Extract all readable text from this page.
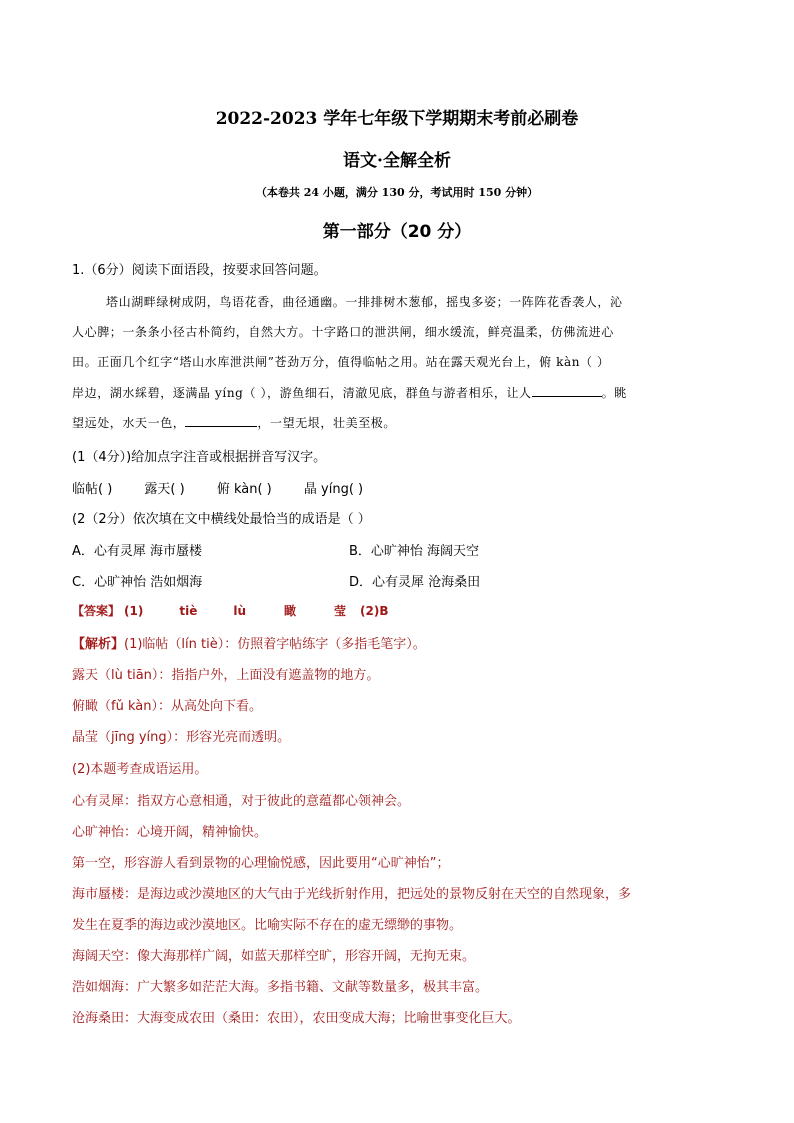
2022-2023 学年七年级下学期期末考前必刷卷
语文·全解全析
（本卷共 24 小题，满分 130 分，考试用时 150 分钟）
第一部分（20 分）
1.（6分）阅读下面语段，按要求回答问题。
塔山湖畔绿树成阴，鸟语花香，曲径通幽。一排排树木葱郁，摇曳多姿；一阵阵花香袭人，沁
人心脾；一条条小径古朴简约，自然大方。十字路口的泄洪闸，细水缓流，鲜亮温柔，仿佛流进心
田。正面几个红字“塔山水库泄洪闸”苍劲万分，值得临帖之用。站在露天观光台上，俯 kàn（ ）
岸边，湖水綵碧，逐满晶 yíng（ ），游鱼细石，清澈见底，群鱼与游者相乐，让人	。眺
望远处，水天一色，	，一望无垠，壮美至极。
(1（4分）)给加点字注音或根据拼音写汉字。
临帖( ) 露天( ) 俯 kàn( ) 晶 yíng( )
(2（2分）依次填在文中横线处最恰当的成语是（ ）
A．心有灵犀 海市蜃楼	B．心旷神怡 海阔天空
C．心旷神怡 浩如烟海	D．心有灵犀 沧海桑田
【答案】 (1)	tiè	lù	瞰	莹 (2)B
【解析】(1)临帖（lín tiè）：仿照着字帖练字（多指毛笔字）。
露天（lù tiān）：指指户外，上面没有遮盖物的地方。
俯瞰（fǔ kàn）：从高处向下看。
晶莹（jīng yíng）：形容光亮而透明。
(2)本题考查成语运用。
心有灵犀：指双方心意相通，对于彼此的意蕴都心领神会。
心旷神怡：心境开阔，精神愉快。
第一空，形容游人看到景物的心理愉悦感，因此要用“心旷神怡”；
海市蜃楼：是海边或沙漠地区的大气由于光线折射作用，把远处的景物反射在天空的自然现象，多
发生在夏季的海边或沙漠地区。比喻实际不存在的虚无缥缈的事物。
海阔天空：像大海那样广阔，如蓝天那样空旷，形容开阔，无拘无束。
浩如烟海：广大繁多如茫茫大海。多指书籍、文献等数量多，极其丰富。
沧海桑田：大海变成农田（桑田：农田），农田变成大海；比喻世事变化巨大。
